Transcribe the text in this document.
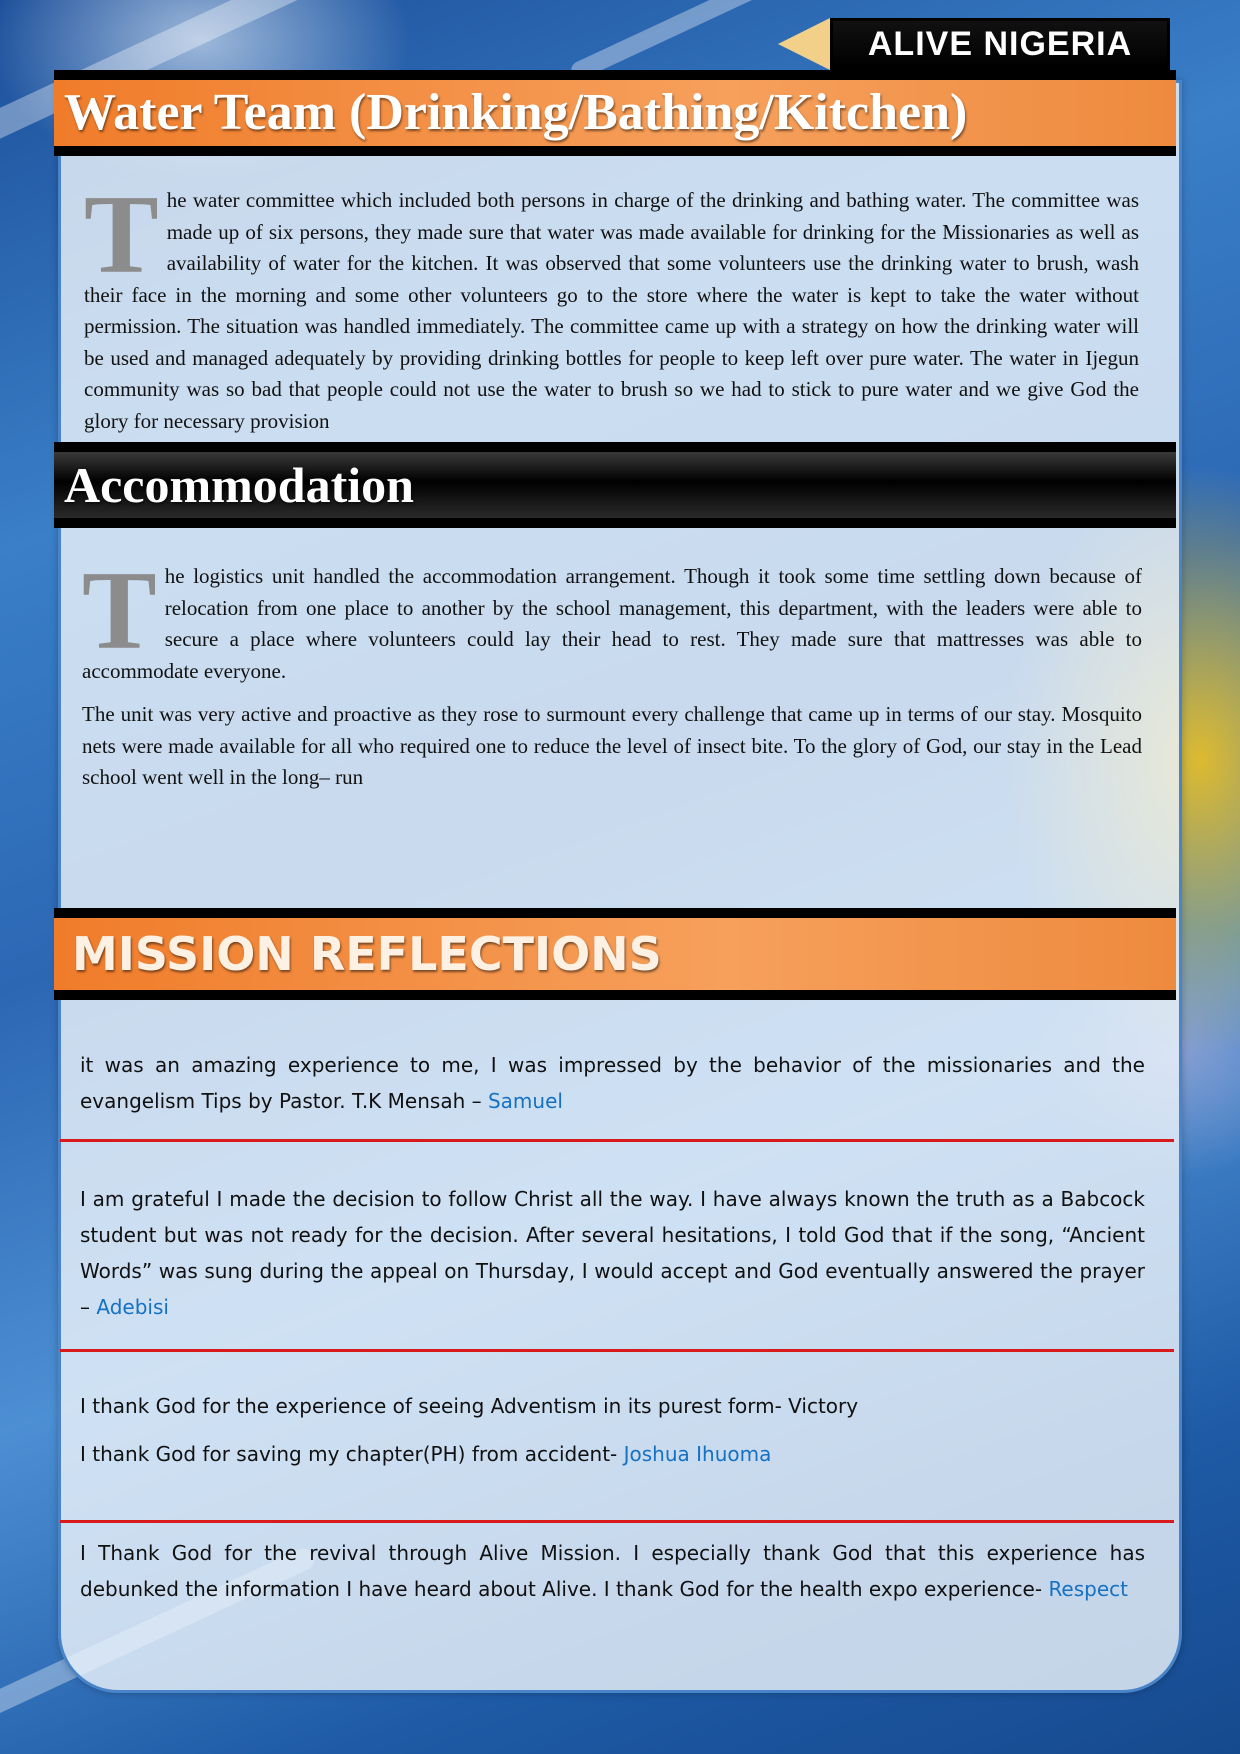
ALIVE NIGERIA
Water Team (Drinking/Bathing/Kitchen)
T he water committee which included both persons in charge of the drinking and bathing water. The committee was made up of six persons, they made sure that water was made available for drinking for the Missionaries as well as availability of water for the kitchen. It was observed that some volunteers use the drinking water to brush, wash their face in the morning and some other volunteers go to the store where the water is kept to take the water without permission. The situation was handled immediately. The committee came up with a strategy on how the drinking water will be used and managed adequately by providing drinking bottles for people to keep left over pure water. The water in Ijegun community was so bad that people could not use the water to brush so we had to stick to pure water and we give God the glory for necessary provision

Accommodation
T he logistics unit handled the accommodation arrangement. Though it took some time settling down because of relocation from one place to another by the school management, this department, with the leaders were able to secure a place where volunteers could lay their head to rest. They made sure that mattresses was able to accommodate everyone.

The unit was very active and proactive as they rose to surmount every challenge that came up in terms of our stay. Mosquito nets were made available for all who required one to reduce the level of insect bite. To the glory of God, our stay in the Lead school went well in the long– run

MISSION REFLECTIONS

it was an amazing experience to me, I was impressed by the behavior of the missionaries and the evangelism Tips by Pastor. T.K Mensah – Samuel

I am grateful I made the decision to follow Christ all the way. I have always known the truth as a Babcock student but was not ready for the decision. After several hesitations, I told God that if the song, “Ancient Words” was sung during the appeal on Thursday, I would accept and God eventually answered the prayer – Adebisi

I thank God for the experience of seeing Adventism in its purest form- Victory

I thank God for saving my chapter(PH) from accident- Joshua Ihuoma

I Thank God for the revival through Alive Mission. I especially thank God that this experience has debunked the information I have heard about Alive. I thank God for the health expo experience- Respect
